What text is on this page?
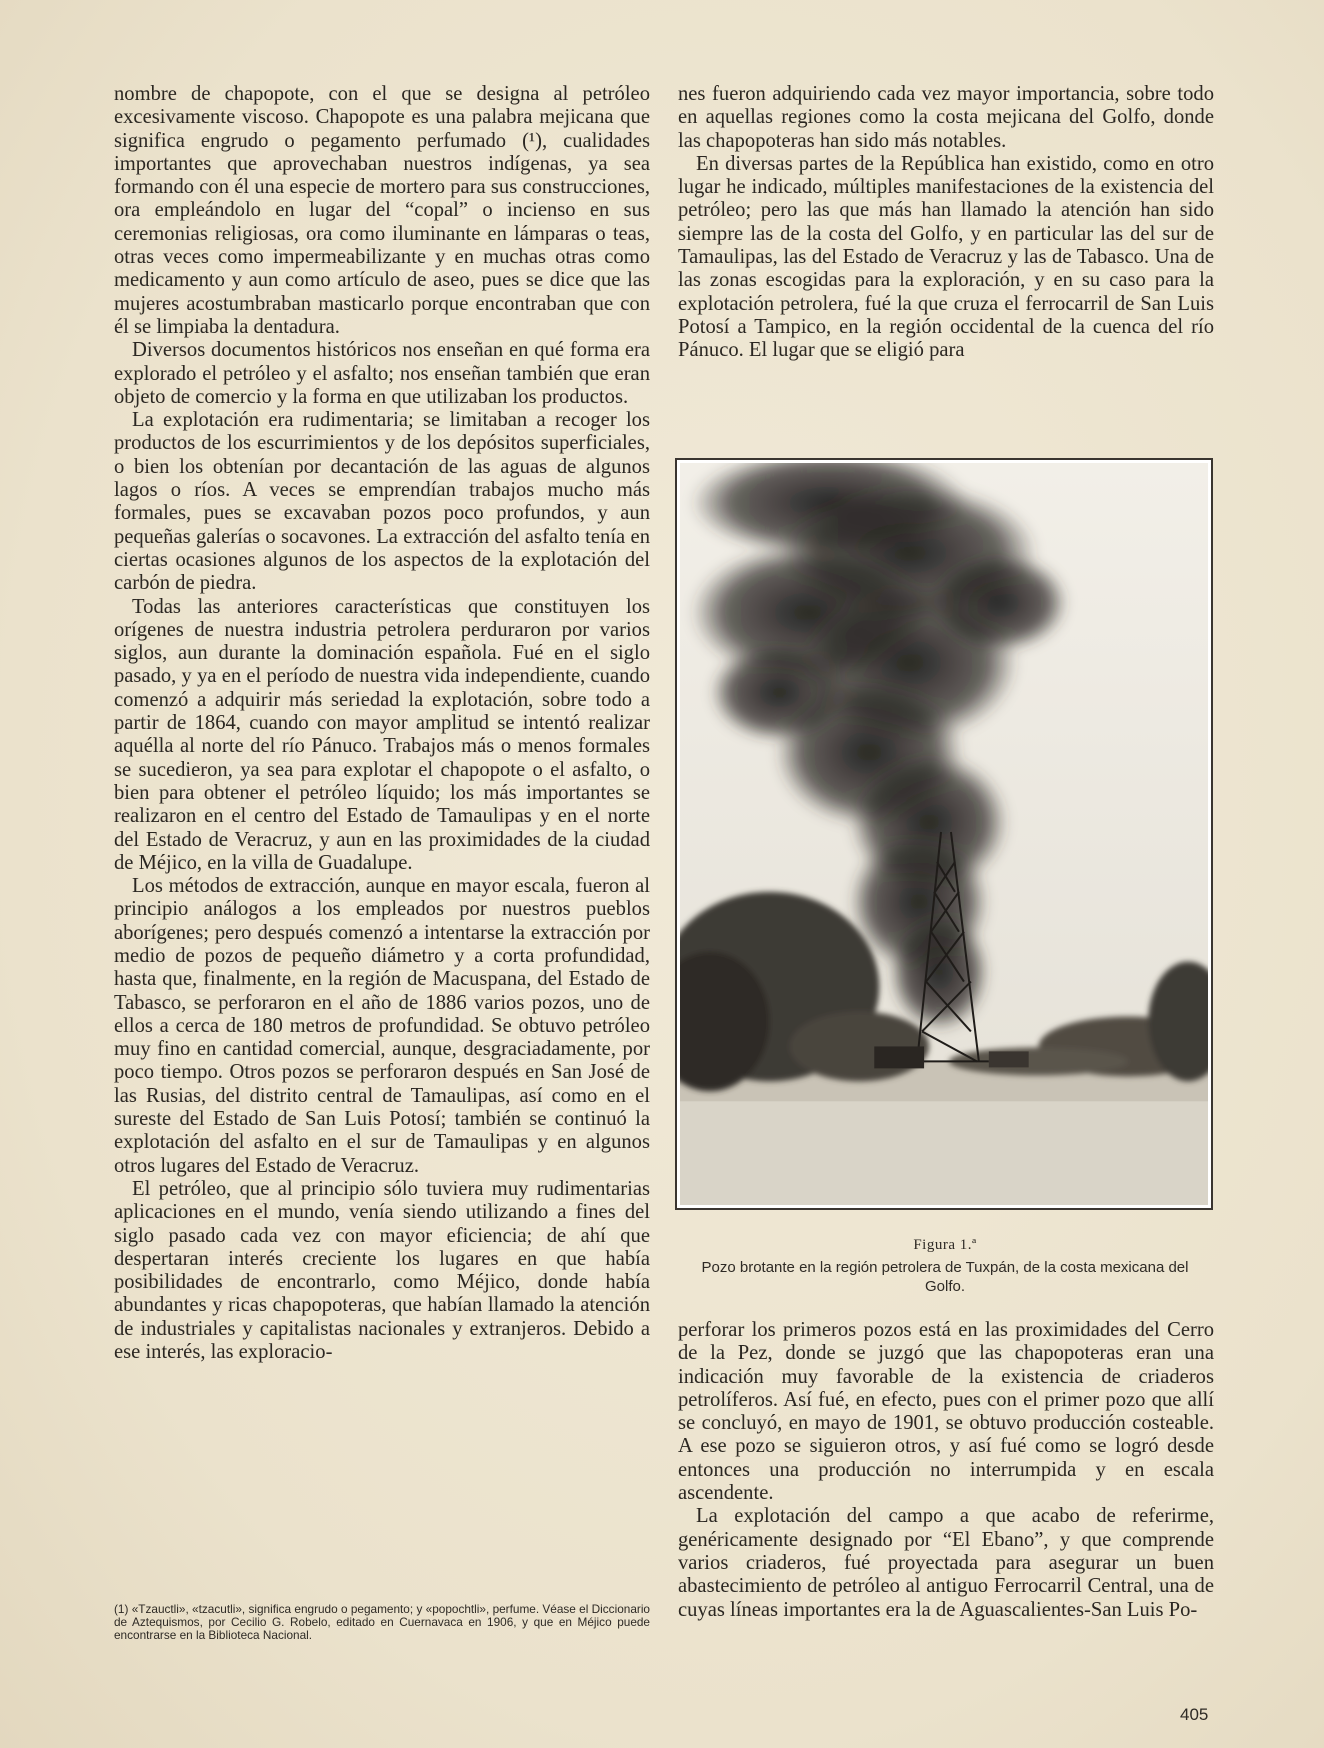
nombre de chapopote, con el que se designa al petróleo excesivamente viscoso. Chapopote es una palabra mejicana que significa engrudo o pegamento perfumado (¹), cualidades importantes que aprovechaban nuestros indígenas, ya sea formando con él una especie de mortero para sus construcciones, ora empleándolo en lugar del “copal” o incienso en sus ceremonias religiosas, ora como iluminante en lámparas o teas, otras veces como impermeabilizante y en muchas otras como medicamento y aun como artículo de aseo, pues se dice que las mujeres acostumbraban masticarlo porque encontraban que con él se limpiaba la dentadura.

Diversos documentos históricos nos enseñan en qué forma era explorado el petróleo y el asfalto; nos enseñan también que eran objeto de comercio y la forma en que utilizaban los productos.

La explotación era rudimentaria; se limitaban a recoger los productos de los escurrimientos y de los depósitos superficiales, o bien los obtenían por decantación de las aguas de algunos lagos o ríos. A veces se emprendían trabajos mucho más formales, pues se excavaban pozos poco profundos, y aun pequeñas galerías o socavones. La extracción del asfalto tenía en ciertas ocasiones algunos de los aspectos de la explotación del carbón de piedra.

Todas las anteriores características que constituyen los orígenes de nuestra industria petrolera perduraron por varios siglos, aun durante la dominación española. Fué en el siglo pasado, y ya en el período de nuestra vida independiente, cuando comenzó a adquirir más seriedad la explotación, sobre todo a partir de 1864, cuando con mayor amplitud se intentó realizar aquélla al norte del río Pánuco. Trabajos más o menos formales se sucedieron, ya sea para explotar el chapopote o el asfalto, o bien para obtener el petróleo líquido; los más importantes se realizaron en el centro del Estado de Tamaulipas y en el norte del Estado de Veracruz, y aun en las proximidades de la ciudad de Méjico, en la villa de Guadalupe.

Los métodos de extracción, aunque en mayor escala, fueron al principio análogos a los empleados por nuestros pueblos aborígenes; pero después comenzó a intentarse la extracción por medio de pozos de pequeño diámetro y a corta profundidad, hasta que, finalmente, en la región de Macuspana, del Estado de Tabasco, se perforaron en el año de 1886 varios pozos, uno de ellos a cerca de 180 metros de profundidad. Se obtuvo petróleo muy fino en cantidad comercial, aunque, desgraciadamente, por poco tiempo. Otros pozos se perforaron después en San José de las Rusias, del distrito central de Tamaulipas, así como en el sureste del Estado de San Luis Potosí; también se continuó la explotación del asfalto en el sur de Tamaulipas y en algunos otros lugares del Estado de Veracruz.

El petróleo, que al principio sólo tuviera muy rudimentarias aplicaciones en el mundo, venía siendo utilizando a fines del siglo pasado cada vez con mayor eficiencia; de ahí que despertaran interés creciente los lugares en que había posibilidades de encontrarlo, como Méjico, donde había abundantes y ricas chapopoteras, que habían llamado la atención de industriales y capitalistas nacionales y extranjeros. Debido a ese interés, las exploracio-

nes fueron adquiriendo cada vez mayor importancia, sobre todo en aquellas regiones como la costa mejicana del Golfo, donde las chapopoteras han sido más notables.

En diversas partes de la República han existido, como en otro lugar he indicado, múltiples manifestaciones de la existencia del petróleo; pero las que más han llamado la atención han sido siempre las de la costa del Golfo, y en particular las del sur de Tamaulipas, las del Estado de Veracruz y las de Tabasco. Una de las zonas escogidas para la exploración, y en su caso para la explotación petrolera, fué la que cruza el ferrocarril de San Luis Potosí a Tampico, en la región occidental de la cuenca del río Pánuco. El lugar que se eligió para

Figura 1.ª
Pozo brotante en la región petrolera de Tuxpán, de la costa mexicana del Golfo.

perforar los primeros pozos está en las proximidades del Cerro de la Pez, donde se juzgó que las chapopoteras eran una indicación muy favorable de la existencia de criaderos petrolíferos. Así fué, en efecto, pues con el primer pozo que allí se concluyó, en mayo de 1901, se obtuvo producción costeable. A ese pozo se siguieron otros, y así fué como se logró desde entonces una producción no interrumpida y en escala ascendente.

La explotación del campo a que acabo de referirme, genéricamente designado por “El Ebano”, y que comprende varios criaderos, fué proyectada para asegurar un buen abastecimiento de petróleo al antiguo Ferrocarril Central, una de cuyas líneas importantes era la de Aguascalientes-San Luis Po-

(1) «Tzauctli», «tzacutli», significa engrudo o pegamento; y «popochtli», perfume. Véase el Diccionario de Aztequismos, por Cecilio G. Robelo, editado en Cuernavaca en 1906, y que en Méjico puede encontrarse en la Biblioteca Nacional.
405
